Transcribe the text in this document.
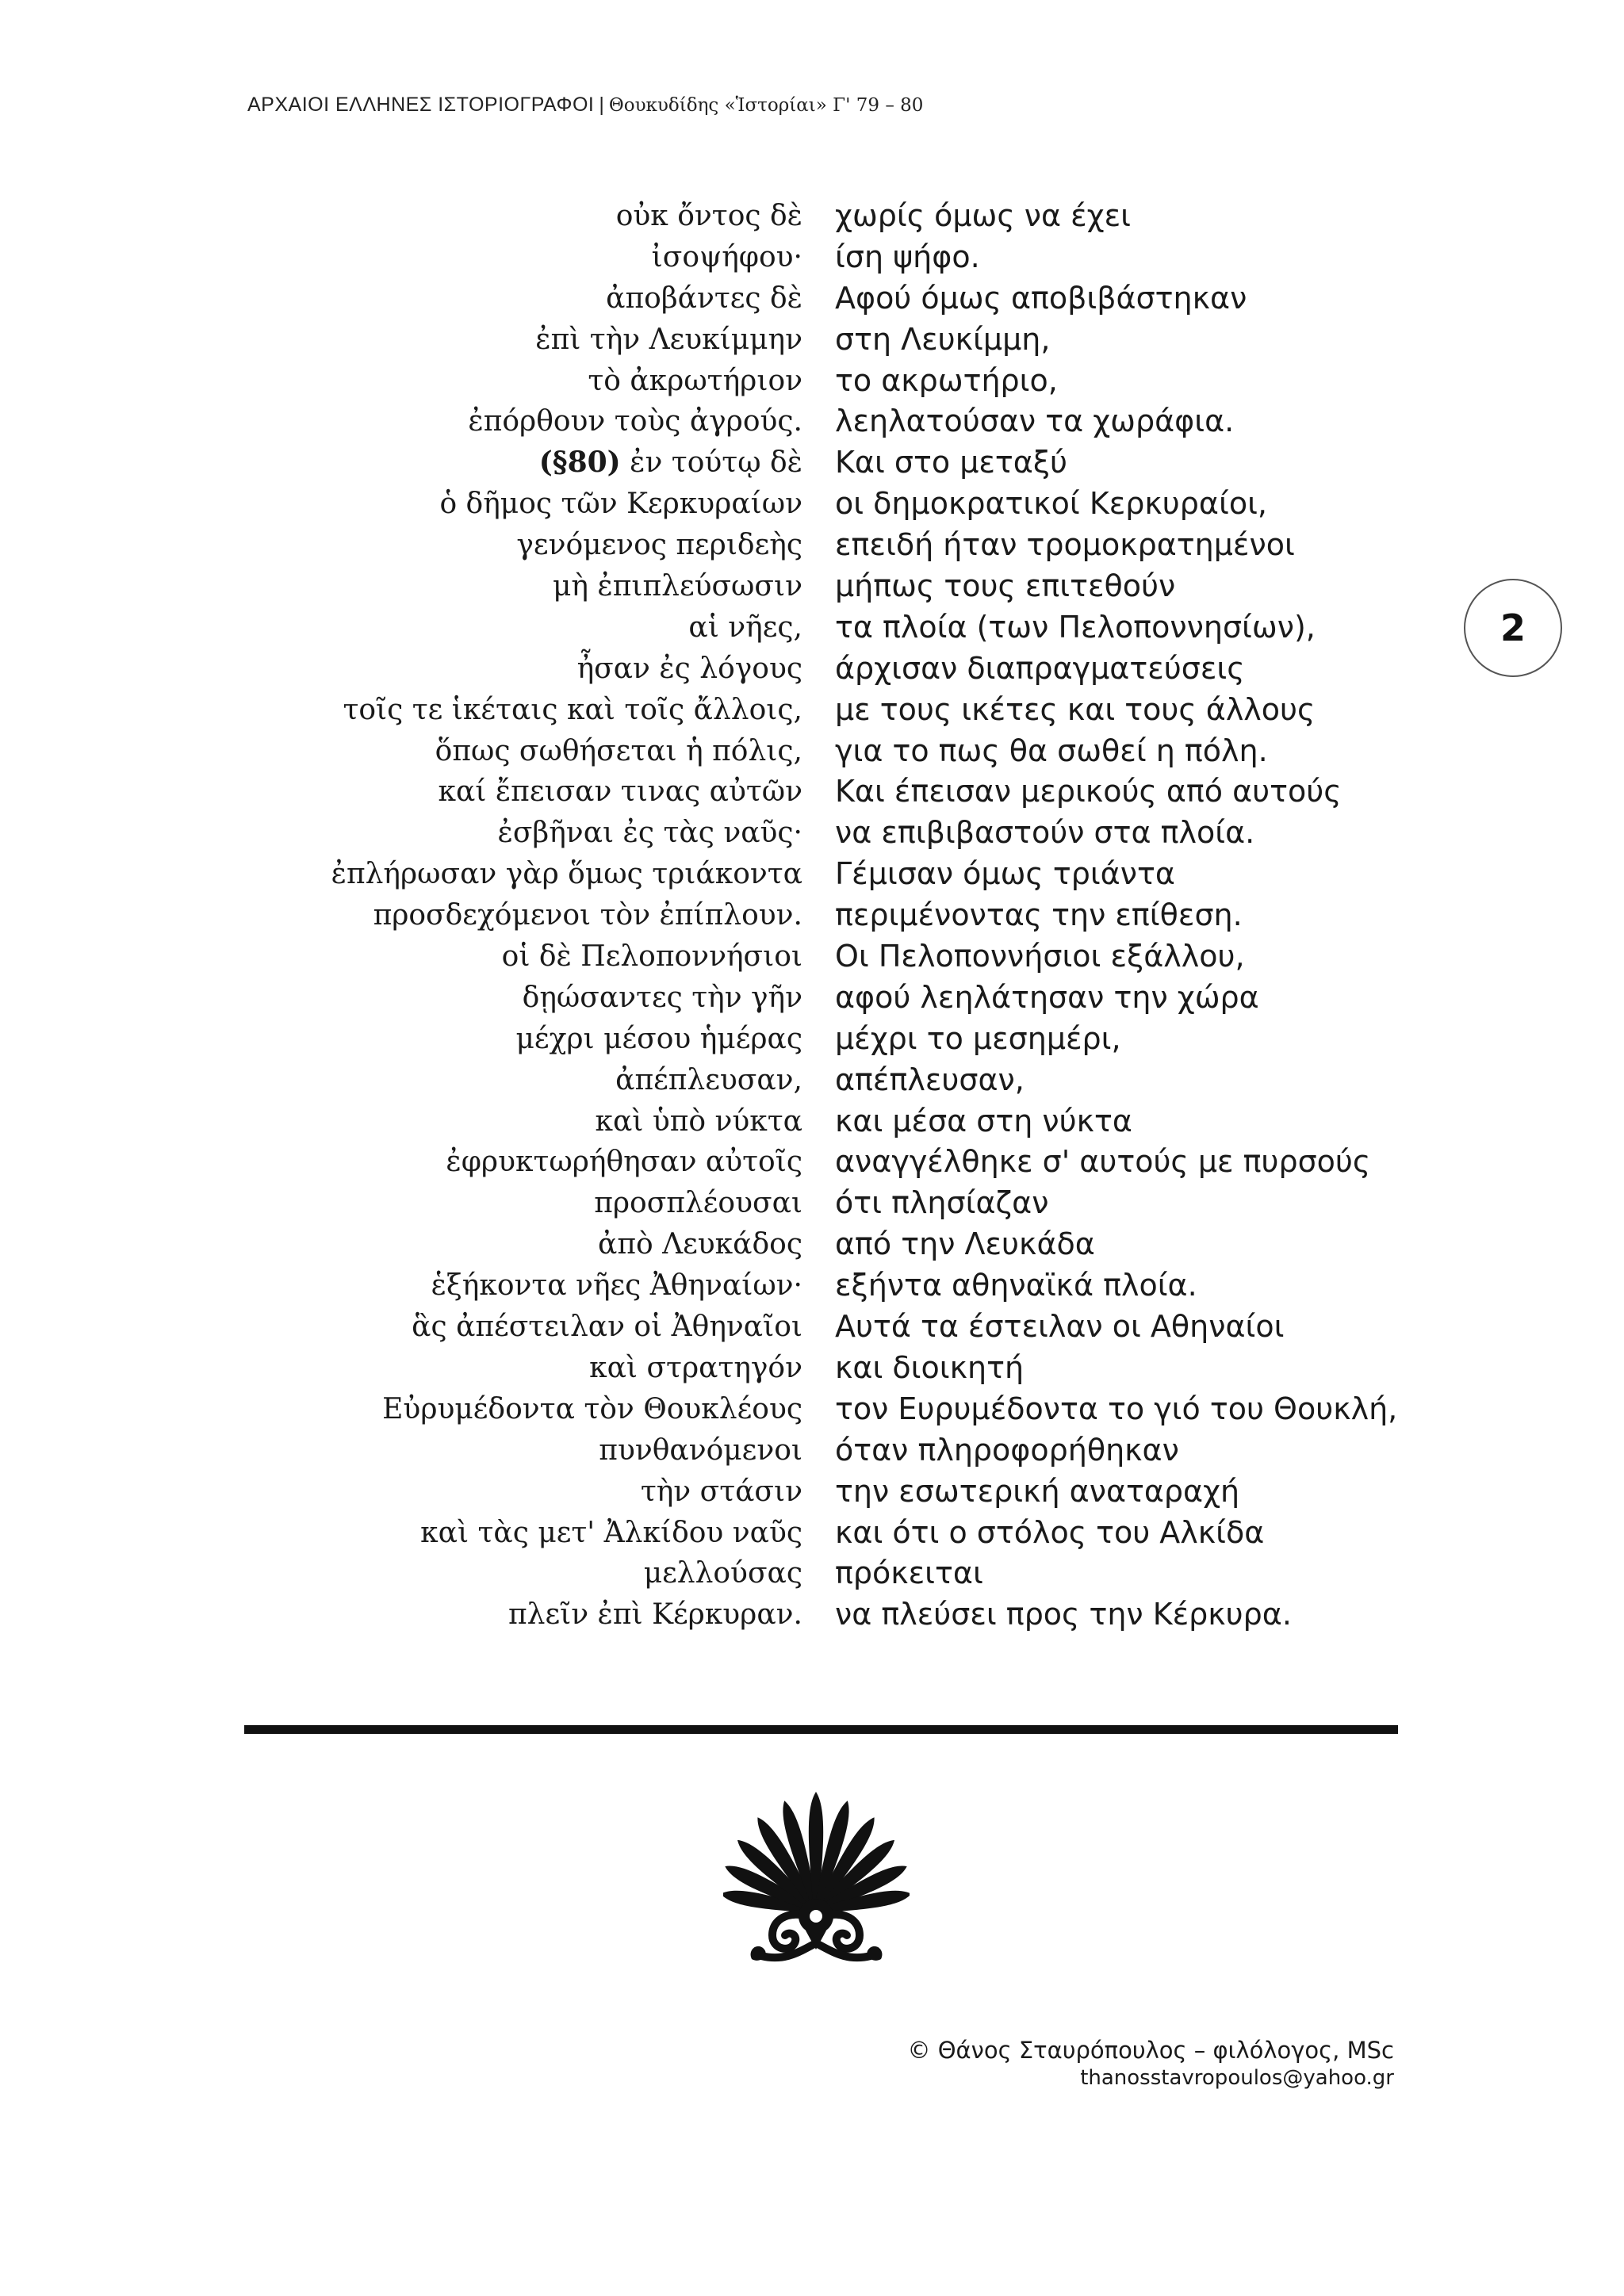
ΑΡΧΑΙΟΙ ΕΛΛΗΝΕΣ ΙΣΤΟΡΙΟΓΡΑΦΟΙ | Θουκυδίδης «Ἱστορίαι» Γ' 79 – 80
οὐκ ὄντος δὲ χωρίς όμως να έχει
ἰσοψήφου· ίση ψήφο.
ἀποβάντες δὲ Αφού όμως αποβιβάστηκαν
ἐπὶ τὴν Λευκίμμην στη Λευκίμμη,
τὸ ἀκρωτήριον το ακρωτήριο,
ἐπόρθουν τοὺς ἀγρούς. λεηλατούσαν τα χωράφια.
(§80) ἐν τούτῳ δὲ Και στο μεταξύ
ὁ δῆμος τῶν Κερκυραίων οι δημοκρατικοί Κερκυραίοι,
γενόμενος περιδεὴς επειδή ήταν τρομοκρατημένοι
μὴ ἐπιπλεύσωσιν μήπως τους επιτεθούν
αἱ νῆες, τα πλοία (των Πελοποννησίων),
ἦσαν ἐς λόγους άρχισαν διαπραγματεύσεις
τοῖς τε ἱκέταις καὶ τοῖς ἄλλοις, με τους ικέτες και τους άλλους
ὅπως σωθήσεται ἡ πόλις, για το πως θα σωθεί η πόλη.
καί ἔπεισαν τινας αὐτῶν Και έπεισαν μερικούς από αυτούς
ἐσβῆναι ἐς τὰς ναῦς· να επιβιβαστούν στα πλοία.
ἐπλήρωσαν γὰρ ὅμως τριάκοντα Γέμισαν όμως τριάντα
προσδεχόμενοι τὸν ἐπίπλουν. περιμένοντας την επίθεση.
οἱ δὲ Πελοποννήσιοι Οι Πελοποννήσιοι εξάλλου,
δῃώσαντες τὴν γῆν αφού λεηλάτησαν την χώρα
μέχρι μέσου ἡμέρας μέχρι το μεσημέρι,
ἀπέπλευσαν, απέπλευσαν,
καὶ ὑπὸ νύκτα και μέσα στη νύκτα
ἐφρυκτωρήθησαν αὐτοῖς αναγγέλθηκε σ' αυτούς με πυρσούς
προσπλέουσαι ότι πλησίαζαν
ἀπὸ Λευκάδος από την Λευκάδα
ἑξήκοντα νῆες Ἀθηναίων· εξήντα αθηναϊκά πλοία.
ἃς ἀπέστειλαν οἱ Ἀθηναῖοι Αυτά τα έστειλαν οι Αθηναίοι
καὶ στρατηγόν και διοικητή
Εὐρυμέδοντα τὸν Θουκλέους τον Ευρυμέδοντα το γιό του Θουκλή,
πυνθανόμενοι όταν πληροφορήθηκαν
τὴν στάσιν την εσωτερική αναταραχή
καὶ τὰς μετ' Ἀλκίδου ναῦς και ότι ο στόλος του Αλκίδα
μελλούσας πρόκειται
πλεῖν ἐπὶ Κέρκυραν. να πλεύσει προς την Κέρκυρα.
2
© Θάνος Σταυρόπουλος – φιλόλογος, MSc
thanosstavropoulos@yahoo.gr
